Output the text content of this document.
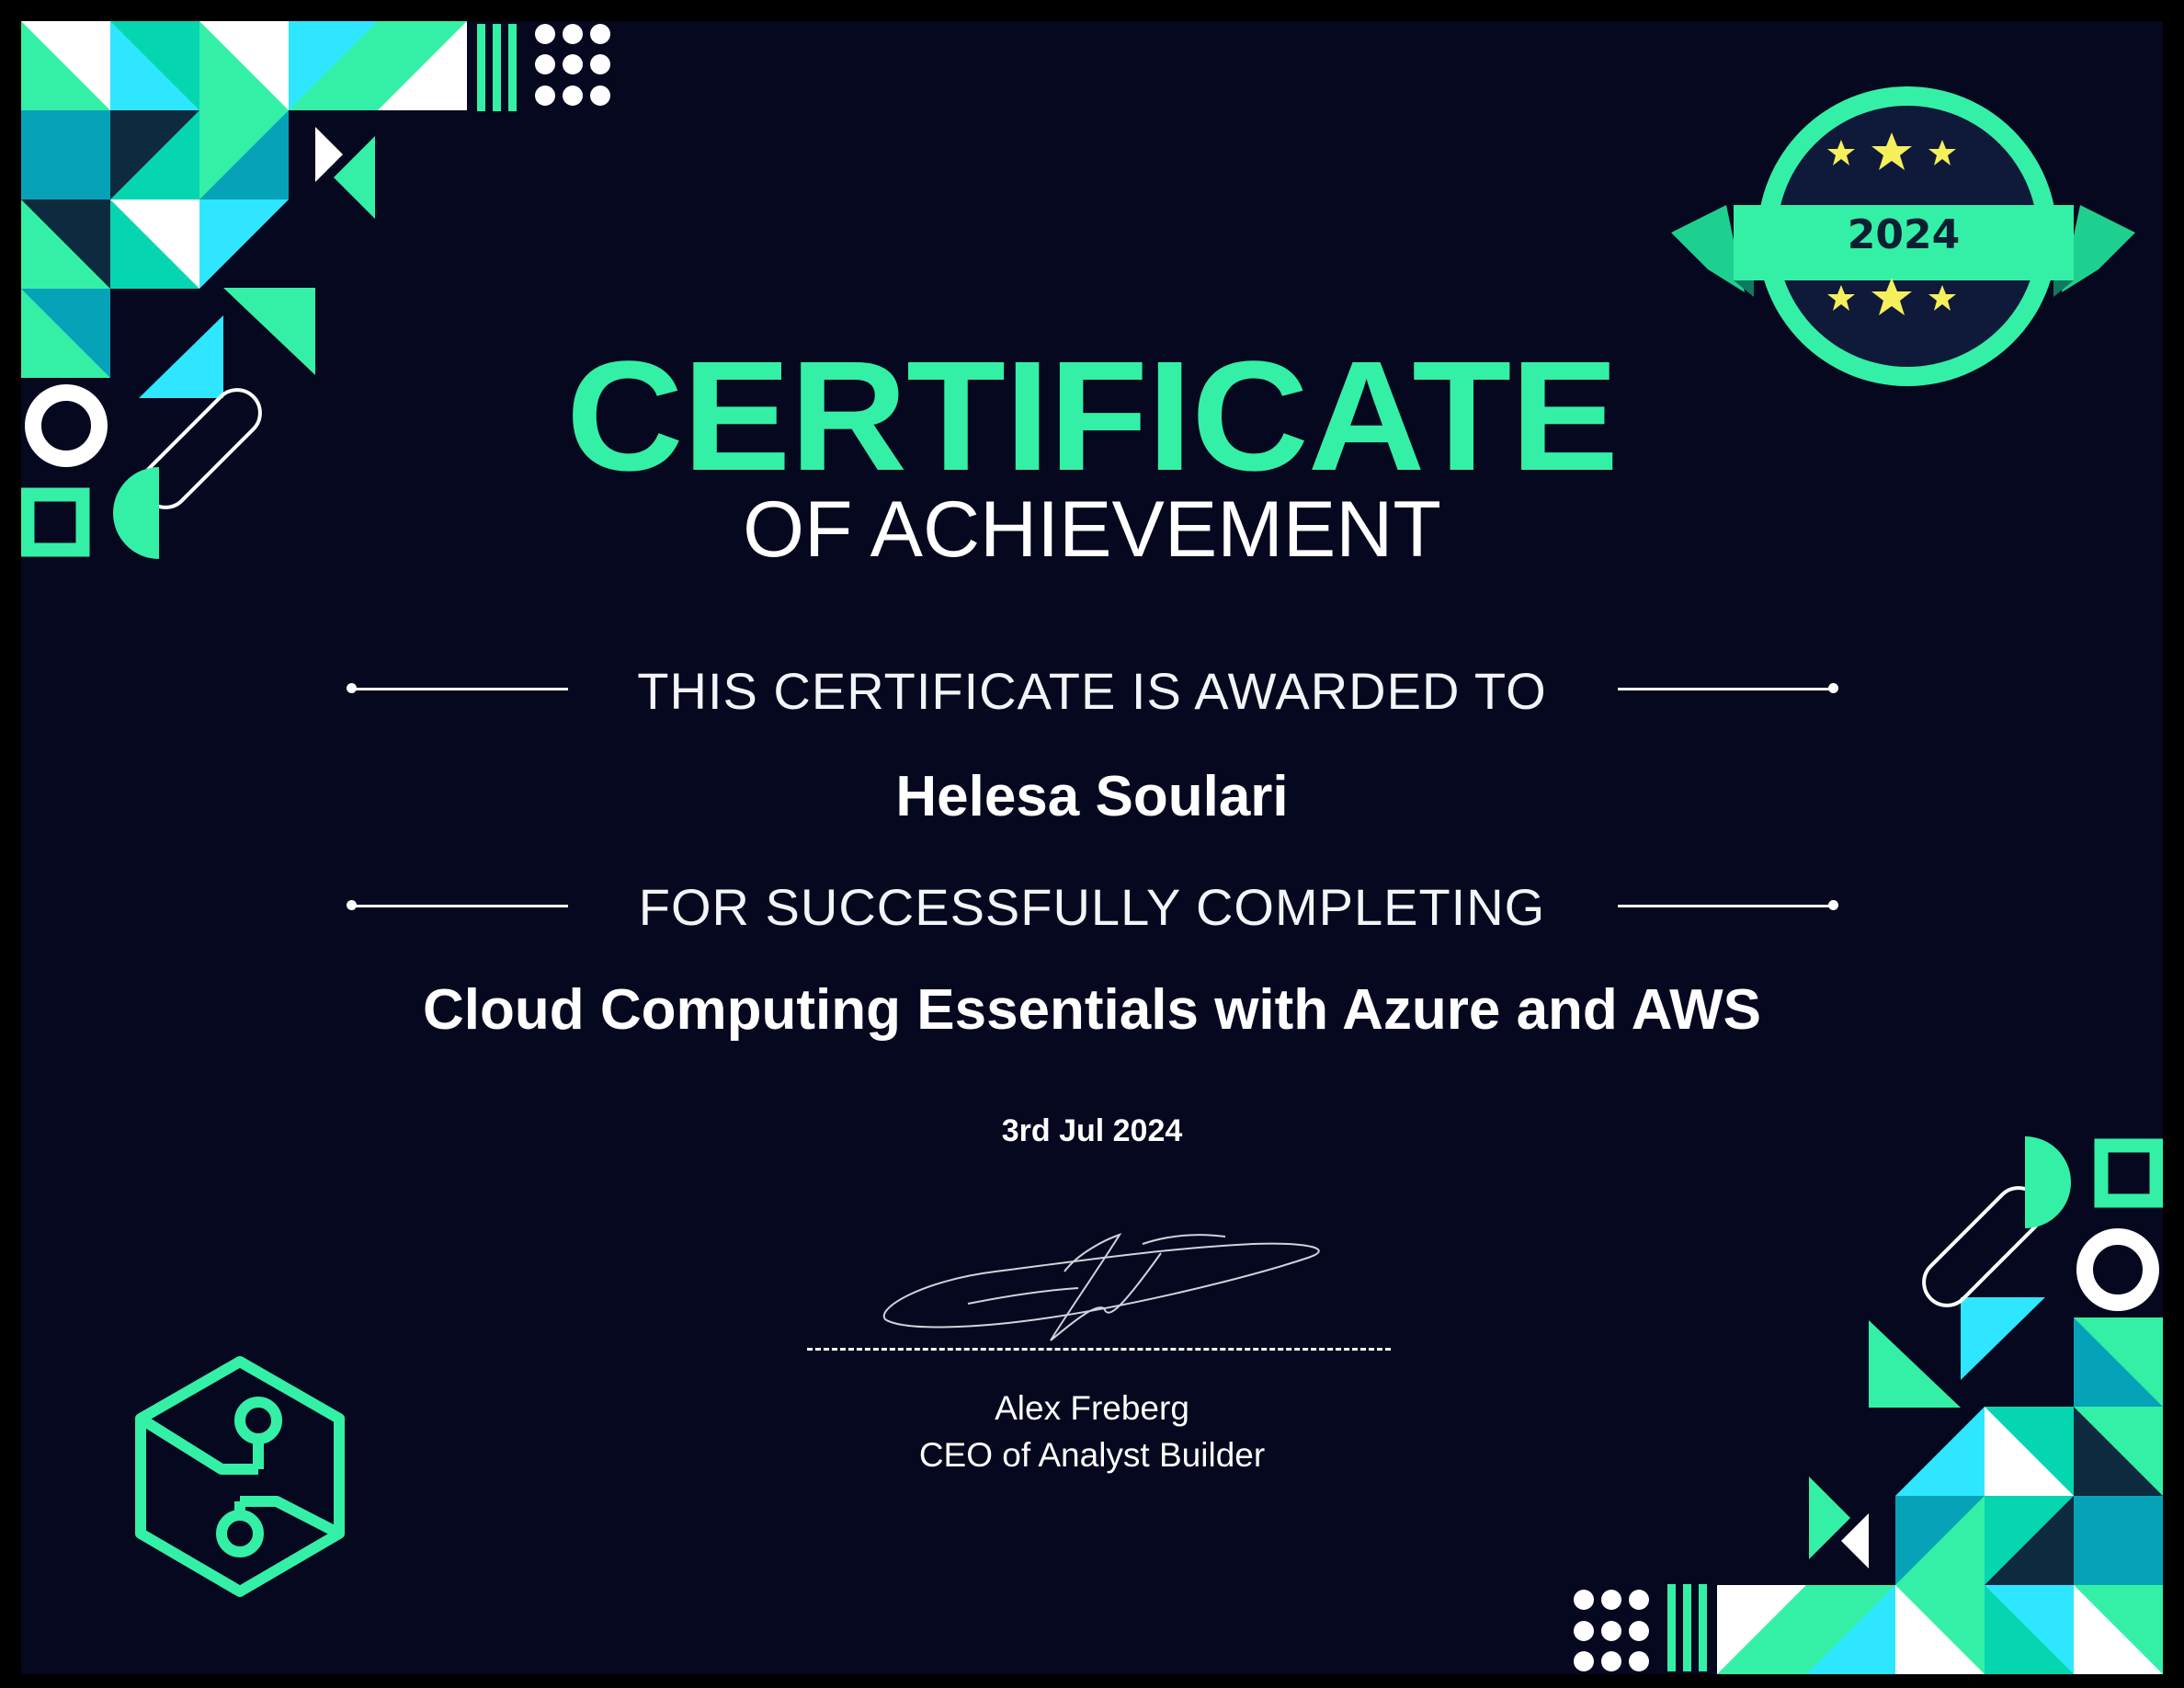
2024
CERTIFICATE
OF ACHIEVEMENT
THIS CERTIFICATE IS AWARDED TO
Helesa Soulari
FOR SUCCESSFULLY COMPLETING
Cloud Computing Essentials with Azure and AWS
3rd Jul 2024
Alex Freberg
CEO of Analyst Builder
